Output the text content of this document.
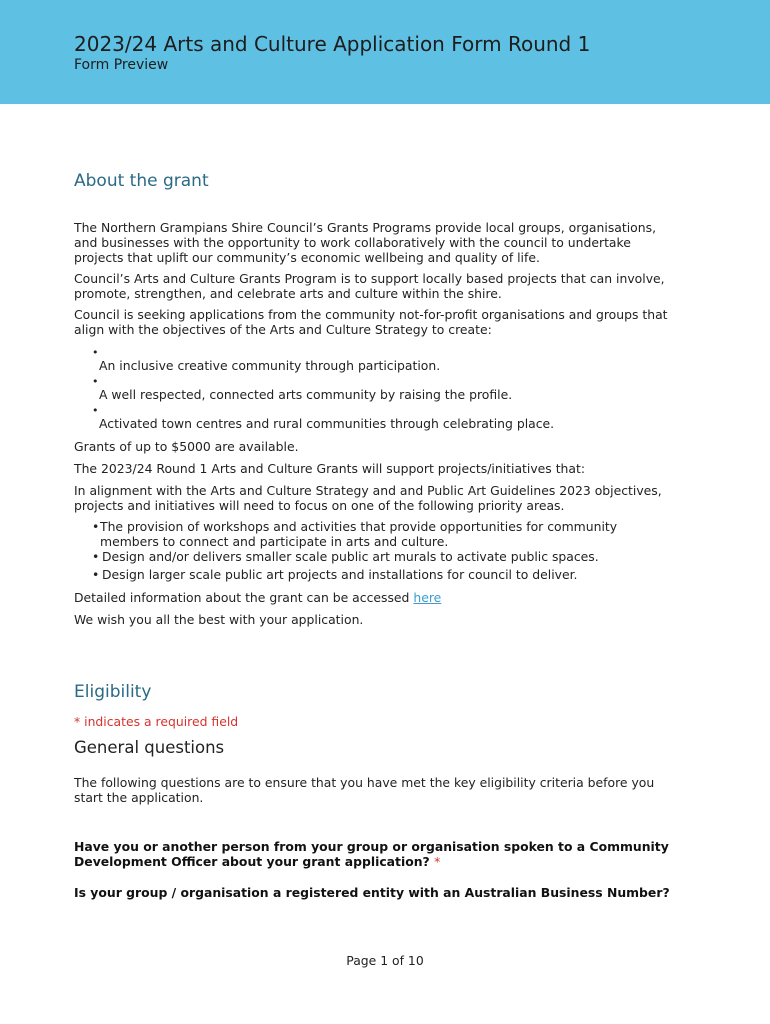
2023/24 Arts and Culture Application Form Round 1
Form Preview
About the grant

The Northern Grampians Shire Council’s Grants Programs provide local groups, organisations, and businesses with the opportunity to work collaboratively with the council to undertake projects that uplift our community’s economic wellbeing and quality of life.

Council’s Arts and Culture Grants Program is to support locally based projects that can involve, promote, strengthen, and celebrate arts and culture within the shire.

Council is seeking applications from the community not-for-profit organisations and groups that align with the objectives of the Arts and Culture Strategy to create:

•
An inclusive creative community through participation.
•
A well respected, connected arts community by raising the profile.
•
Activated town centres and rural communities through celebrating place.

Grants of up to $5000 are available.

The 2023/24 Round 1 Arts and Culture Grants will support projects/initiatives that:

In alignment with the Arts and Culture Strategy and and Public Art Guidelines 2023 objectives, projects and initiatives will need to focus on one of the following priority areas.

• The provision of workshops and activities that provide opportunities for community members to connect and participate in arts and culture.
• Design and/or delivers smaller scale public art murals to activate public spaces.
• Design larger scale public art projects and installations for council to deliver.

Detailed information about the grant can be accessed here

We wish you all the best with your application.

Eligibility
* indicates a required field
General questions

The following questions are to ensure that you have met the key eligibility criteria before you start the application.

Have you or another person from your group or organisation spoken to a Community Development Officer about your grant application? *
Is your group / organisation a registered entity with an Australian Business Number?
Page 1 of 10
